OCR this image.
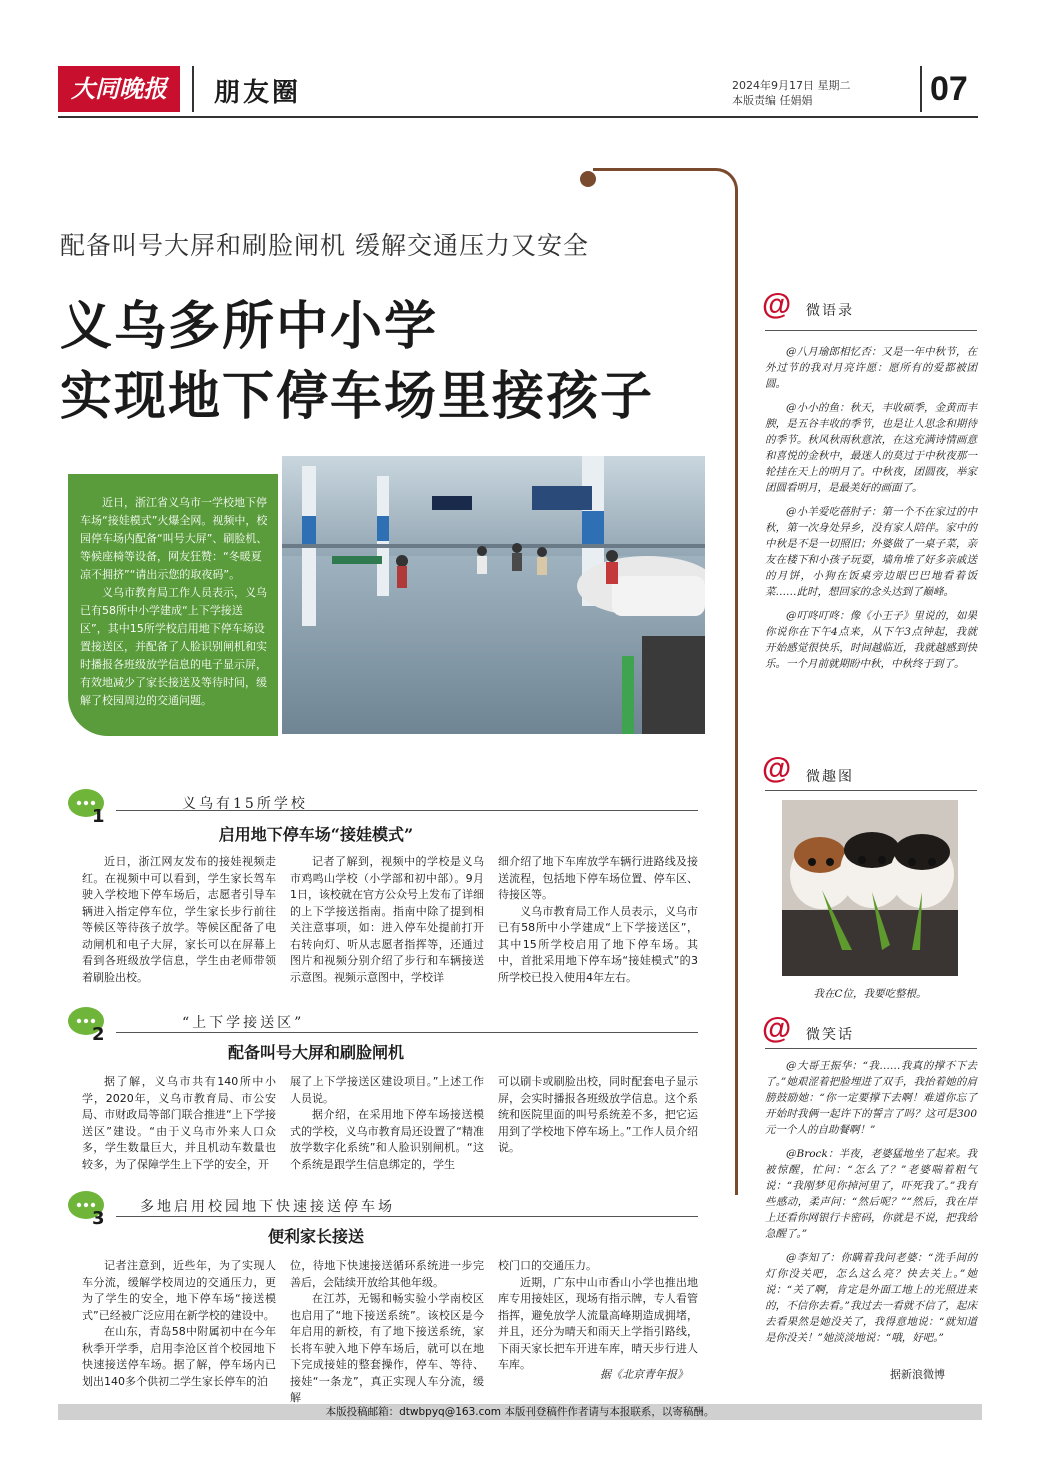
大同晚报	朋友圈	2024年9月17日 星期二
本版责编 任娟娟	07
配备叫号大屏和刷脸闸机 缓解交通压力又安全
义乌多所中小学
实现地下停车场里接孩子

近日，浙江省义乌市一学校地下停车场“接娃模式”火爆全网。视频中，校园停车场内配备“叫号大屏”、刷脸机、等候座椅等设备，网友狂赞：“冬暖夏凉不拥挤”“请出示您的取夜码”。

义乌市教育局工作人员表示，义乌已有58所中小学建成“上下学接送区”，其中15所学校启用地下停车场设置接送区，并配备了人脸识别闸机和实时播报各班级放学信息的电子显示屏，有效地减少了家长接送及等待时间，缓解了校园周边的交通问题。

1
义乌有15所学校
启用地下停车场“接娃模式”

近日，浙江网友发布的接娃视频走红。在视频中可以看到，学生家长驾车驶入学校地下停车场后，志愿者引导车辆进入指定停车位，学生家长步行前往等候区等待孩子放学。等候区配备了电动闸机和电子大屏，家长可以在屏幕上看到各班级放学信息，学生由老师带领着刷脸出校。

记者了解到，视频中的学校是义乌市鸡鸣山学校（小学部和初中部）。9月1日，该校就在官方公众号上发布了详细的上下学接送指南。指南中除了提到相关注意事项，如：进入停车处提前打开右转向灯、听从志愿者指挥等，还通过图片和视频分别介绍了步行和车辆接送示意图。视频示意图中，学校详

细介绍了地下车库放学车辆行进路线及接送流程，包括地下停车场位置、停车区、待接区等。

义乌市教育局工作人员表示，义乌市已有58所中小学建成“上下学接送区”，其中15所学校启用了地下停车场。其中，首批采用地下停车场“接娃模式”的3所学校已投入使用4年左右。

2
“上下学接送区”
配备叫号大屏和刷脸闸机

据了解，义乌市共有140所中小学，2020年，义乌市教育局、市公安局、市财政局等部门联合推进“上下学接送区”建设。“由于义乌市外来人口众多，学生数量巨大，并且机动车数量也较多，为了保障学生上下学的安全，开

展了上下学接送区建设项目。”上述工作人员说。

据介绍，在采用地下停车场接送模式的学校，义乌市教育局还设置了“精准放学数字化系统”和人脸识别闸机。“这个系统是跟学生信息绑定的，学生

可以刷卡或刷脸出校，同时配套电子显示屏，会实时播报各班级放学信息。这个系统和医院里面的叫号系统差不多，把它运用到了学校地下停车场上。”工作人员介绍说。

3
多地启用校园地下快速接送停车场
便利家长接送

记者注意到，近些年，为了实现人车分流，缓解学校周边的交通压力，更为了学生的安全，地下停车场“接送模式”已经被广泛应用在新学校的建设中。

在山东，青岛58中附属初中在今年秋季开学季，启用李沧区首个校园地下快速接送停车场。据了解，停车场内已划出140多个供初二学生家长停车的泊

位，待地下快速接送循环系统进一步完善后，会陆续开放给其他年级。

在江苏，无锡和畅实验小学南校区也启用了“地下接送系统”。该校区是今年启用的新校，有了地下接送系统，家长将车驶入地下停车场后，就可以在地下完成接娃的整套操作，停车、等待、接娃“一条龙”，真正实现人车分流，缓解

校门口的交通压力。

近期，广东中山市香山小学也推出地库专用接娃区，现场有指示牌，专人看管指挥，避免放学人流量高峰期造成拥堵，并且，还分为晴天和雨天上学指引路线，下雨天家长把车开进车库，晴天步行进人车库。

据《北京青年报》
@ 微语录

@八月瑜郎相忆否：又是一年中秋节，在外过节的我对月亮许愿：愿所有的爱都被团圆。

@小小的鱼：秋天，丰收硕季，金黄而丰腴，是五谷丰收的季节，也是让人思念和期待的季节。秋风秋雨秋意浓，在这充满诗情画意和喜悦的金秋中，最迷人的莫过于中秋夜那一轮挂在天上的明月了。中秋夜，团圆夜，举家团圆看明月，是最美好的画面了。

@小羊爱吃蓓肘子：第一个不在家过的中秋，第一次身处异乡，没有家人陪伴。家中的中秋是不是一切照旧；外婆做了一桌子菜，亲友在楼下和小孩子玩耍，墙角堆了好多亲戚送的月饼，小狗在饭桌旁边眼巴巴地看着饭菜……此时，想回家的念头达到了巅峰。

@叮咚叮咚：像《小王子》里说的，如果你说你在下午4点来，从下午3点钟起，我就开始感觉很快乐，时间越临近，我就越感到快乐。一个月前就期盼中秋，中秋终于到了。

@ 微趣图
我在C位，我要吃整根。
@ 微笑话

@大哥王振华：“我……我真的撑不下去了。”她艰涩着把脸埋进了双手，我抬着她的肩膀鼓励她：“你一定要撑下去啊！难道你忘了开始时我俩一起许下的誓言了吗？这可是300元一个人的自助餐啊！”

@Brock：半夜，老婆猛地坐了起来。我被惊醒，忙问：“怎么了？”老婆喘着粗气说：“我刚梦见你掉河里了，吓死我了。”我有些感动，柔声问：“然后呢？”“然后，我在岸上还看你网银行卡密码，你就是不说，把我给急醒了。”

@李知了：你瞒着我问老婆：“洗手间的灯你没关吧，怎么这么亮？快去关上。”她说：“关了啊，肯定是外面工地上的光照进来的，不信你去看。”我过去一看就不信了，起床去看果然是她没关了，我得意地说：“就知道是你没关！”她淡淡地说：“哦，好吧。”

据新浪微博
本版投稿邮箱：dtwbpyq@163.com 本版刊登稿件作者请与本报联系，以寄稿酬。
